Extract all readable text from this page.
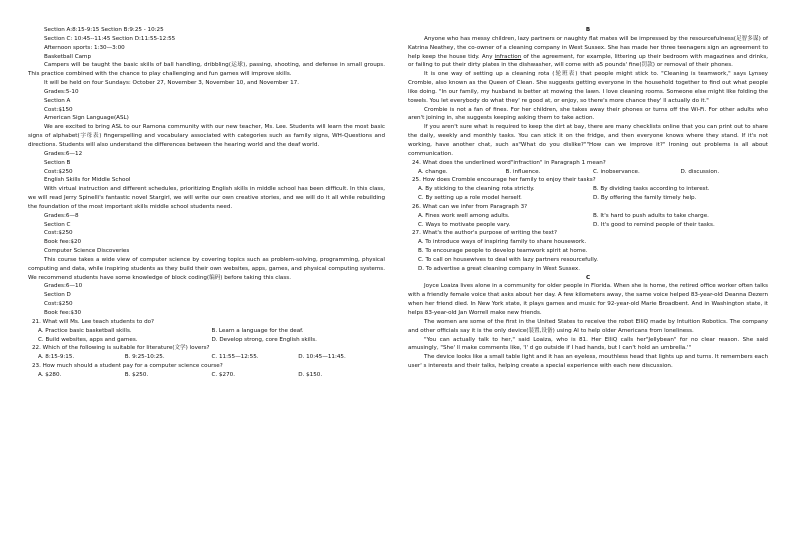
Section A:8:15-9:15 Section B:9:25 - 10:25

Section C: 10:45--11:45 Section D:11:55-12:55

Afternoon sports: 1:30—3:00

Basketball Camp

Campers will be taught the basic skills of ball handling, dribbling(运球), passing, shooting, and defense in small groups. This practice combined with the chance to play challenging and fun games will improve skills.

It will be held on four Sundays: October 27, November 3, November 10, and November 17.

Grades:5-10

Section A

Cost:$150

American Sign Language(ASL)

We are excited to bring ASL to our Ramona community with our new teacher, Ms. Lee. Students will learn the most basic signs of alphabet(字母表) fingerspelling and vocabulary associated with categories such as family signs, WH-Questions and directions. Students will also understand the differences between the hearing world and the deaf world.

Grades:6—12

Section B

Cost:$250

English Skills for Middle School

With virtual instruction and different schedules, prioritizing English skills in middle school has been difficult. In this class, we will read Jerry Spinelli's fantastic novel Stargirl, we will write our own creative stories, and we will do it all while rebuilding the foundation of the most important skills middle school students need.

Grades:6—8

Section C

Cost:$250

Book fee:$20

Computer Science Discoveries

This course takes a wide view of computer science by covering topics such as problem-solving, programming, physical computing and data, while inspiring students as they build their own websites, apps, games, and physical computing systems. We recommend students have some knowledge of block coding(编码) before taking this class.

Grades:6—10

Section D

Cost:$250

Book fee:$30

21. What will Ms. Lee teach students to do?

A. Practice basic basketball skills.	B. Learn a language for the deaf.
C. Build websites, apps and games.	D. Develop strong, core English skills.

22. Which of the following is suitable for literature(文学) lovers?

A. 8:15-9:15.	B. 9:25-10:25.	C. 11:55—12:55.	D. 10:45—11:45.

23. How much should a student pay for a computer science course?

A. $280.	B. $250.	C. $270.	D. $150.

B

Anyone who has messy children, lazy partners or naughty flat mates will be impressed by the resourcefulness(足智多谋) of Katrina Neathey, the co-owner of a cleaning company in West Sussex. She has made her three teenagers sign an agreement to help keep the house tidy. Any infraction of the agreement, for example, littering up their bedroom with magazines and drinks, or failing to put their dirty plates in the dishwasher, will come with a5 pounds' fine(罚款) or removal of their phones.

It is one way of setting up a cleaning rota (轮班表) that people might stick to. "Cleaning is teamwork," says Lynsey Crombie, also known as the Queen of Clean. She suggests getting everyone in the household together to find out what people like doing. "In our family, my husband is better at mowing the lawn. I love cleaning rooms. Someone else might like folding the towels. You let everybody do what they' re good at, or enjoy, so there's more chance they' ll actually do it."

Crombie is not a fan of fines. For her children, she takes away their phones or turns off the Wi-Fi. For other adults who aren't joining in, she suggests keeping asking them to take action.

If you aren't sure what is required to keep the dirt at bay, there are many checklists online that you can print out to share the daily, weekly and monthly tasks. You can stick it on the fridge, and then everyone knows where they stand. If it's not working, have another chat, such as"What do you dislike?""How can we improve it?" Ironing out problems is all about communication.

24. What does the underlined word"infraction" in Paragraph 1 mean?

A. change.	B. influence.	C. inobservance.	D. discussion.

25. How does Crombie encourage her family to enjoy their tasks?

A. By sticking to the cleaning rota strictly.	B. By dividing tasks according to interest.
C. By setting up a role model herself.	D. By offering the family timely help.

26. What can we infer from Paragraph 3?

A. Fines work well among adults.	B. It's hard to push adults to take charge.
C. Ways to motivate people vary.	D. It's good to remind people of their tasks.

27. What's the author's purpose of writing the text?

A. To introduce ways of inspiring family to share housework.

B. To encourage people to develop teamwork spirit at home.

C. To call on housewives to deal with lazy partners resourcefully.

D. To advertise a great cleaning company in West Sussex.

C

Joyce Loaiza lives alone in a community for older people in Florida. When she is home, the retired office worker often talks with a friendly female voice that asks about her day. A few kilometers away, the same voice helped 83-year-old Deanna Dezern when her friend died. In New York state, it plays games and music for 92-year-old Marie Broadbent. And in Washington state, it helps 83-year-old Jan Worrell make new friends.

The women are some of the first in the United States to receive the robot ElliQ made by Intuition Robotics. The company and other officials say it is the only device(装置,设备) using AI to help older Americans from loneliness.

"You can actually talk to her," said Loaiza, who is 81. Her ElliQ calls her"Jellybean" for no clear reason. She said amusingly, "She' ll make comments like, 'I' d go outside if I had hands, but I can't hold an umbrella.'"

The device looks like a small table light and it has an eyeless, mouthless head that lights up and turns. It remembers each user' s interests and their talks, helping create a special experience with each new discussion.
